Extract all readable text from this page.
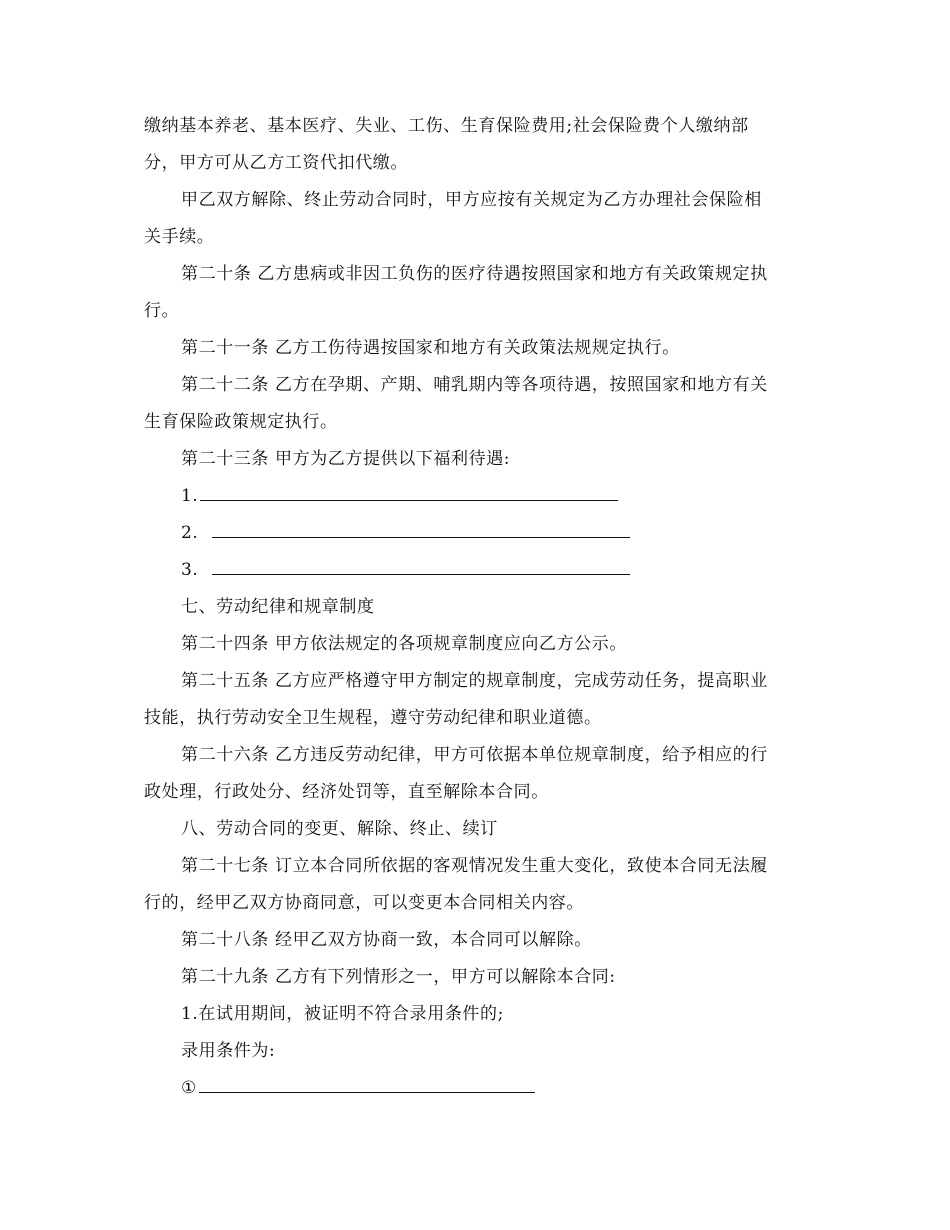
缴纳基本养老、基本医疗、失业、工伤、生育保险费用;社会保险费个人缴纳部
分，甲方可从乙方工资代扣代缴。
甲乙双方解除、终止劳动合同时，甲方应按有关规定为乙方办理社会保险相
关手续。
第二十条 乙方患病或非因工负伤的医疗待遇按照国家和地方有关政策规定执
行。
第二十一条 乙方工伤待遇按国家和地方有关政策法规规定执行。
第二十二条 乙方在孕期、产期、哺乳期内等各项待遇，按照国家和地方有关
生育保险政策规定执行。
第二十三条 甲方为乙方提供以下福利待遇:
1.
2.
3.
七、劳动纪律和规章制度
第二十四条 甲方依法规定的各项规章制度应向乙方公示。
第二十五条 乙方应严格遵守甲方制定的规章制度，完成劳动任务，提高职业
技能，执行劳动安全卫生规程，遵守劳动纪律和职业道德。
第二十六条 乙方违反劳动纪律，甲方可依据本单位规章制度，给予相应的行
政处理，行政处分、经济处罚等，直至解除本合同。
八、劳动合同的变更、解除、终止、续订
第二十七条 订立本合同所依据的客观情况发生重大变化，致使本合同无法履
行的，经甲乙双方协商同意，可以变更本合同相关内容。
第二十八条 经甲乙双方协商一致，本合同可以解除。
第二十九条 乙方有下列情形之一，甲方可以解除本合同:
1.在试用期间，被证明不符合录用条件的;
录用条件为:
①
